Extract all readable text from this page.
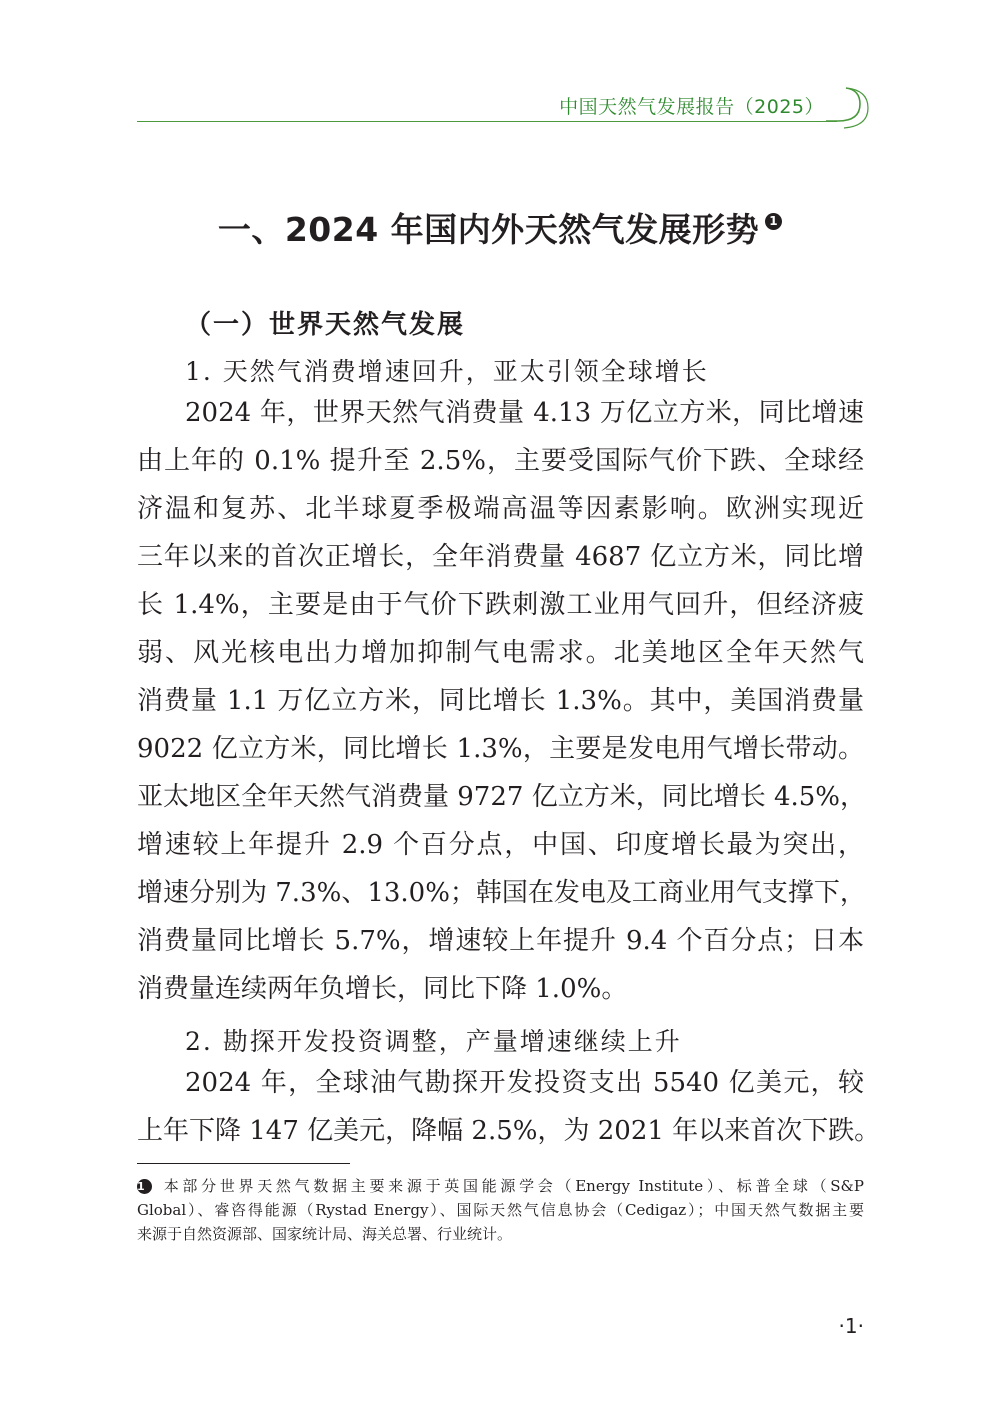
中国天然气发展报告（2025）
一、2024 年国内外天然气发展形势 1
（一）世界天然气发展
1. 天然气消费增速回升，亚太引领全球增长
2024 年，世界天然气消费量 4.13 万亿立方米，同比增速
由上年的 0.1% 提升至 2.5%，主要受国际气价下跌、全球经
济温和复苏、北半球夏季极端高温等因素影响。欧洲实现近
三年以来的首次正增长，全年消费量 4687 亿立方米，同比增
长 1.4%，主要是由于气价下跌刺激工业用气回升，但经济疲
弱、风光核电出力增加抑制气电需求。北美地区全年天然气
消费量 1.1 万亿立方米，同比增长 1.3%。其中，美国消费量
9022 亿立方米，同比增长 1.3%，主要是发电用气增长带动。
亚太地区全年天然气消费量 9727 亿立方米，同比增长 4.5%，
增速较上年提升 2.9 个百分点，中国、印度增长最为突出，
增速分别为 7.3%、13.0%；韩国在发电及工商业用气支撑下，
消费量同比增长 5.7%，增速较上年提升 9.4 个百分点；日本
消费量连续两年负增长，同比下降 1.0%。
2. 勘探开发投资调整，产量增速继续上升
2024 年，全球油气勘探开发投资支出 5540 亿美元，较
上年下降 147 亿美元，降幅 2.5%，为 2021 年以来首次下跌。
1 本部分世界天然气数据主要来源于英国能源学会（Energy Institute）、标普全球（S&P
Global）、睿咨得能源（Rystad Energy）、国际天然气信息协会（Cedigaz）；中国天然气数据主要
来源于自然资源部、国家统计局、海关总署、行业统计。
·1·
